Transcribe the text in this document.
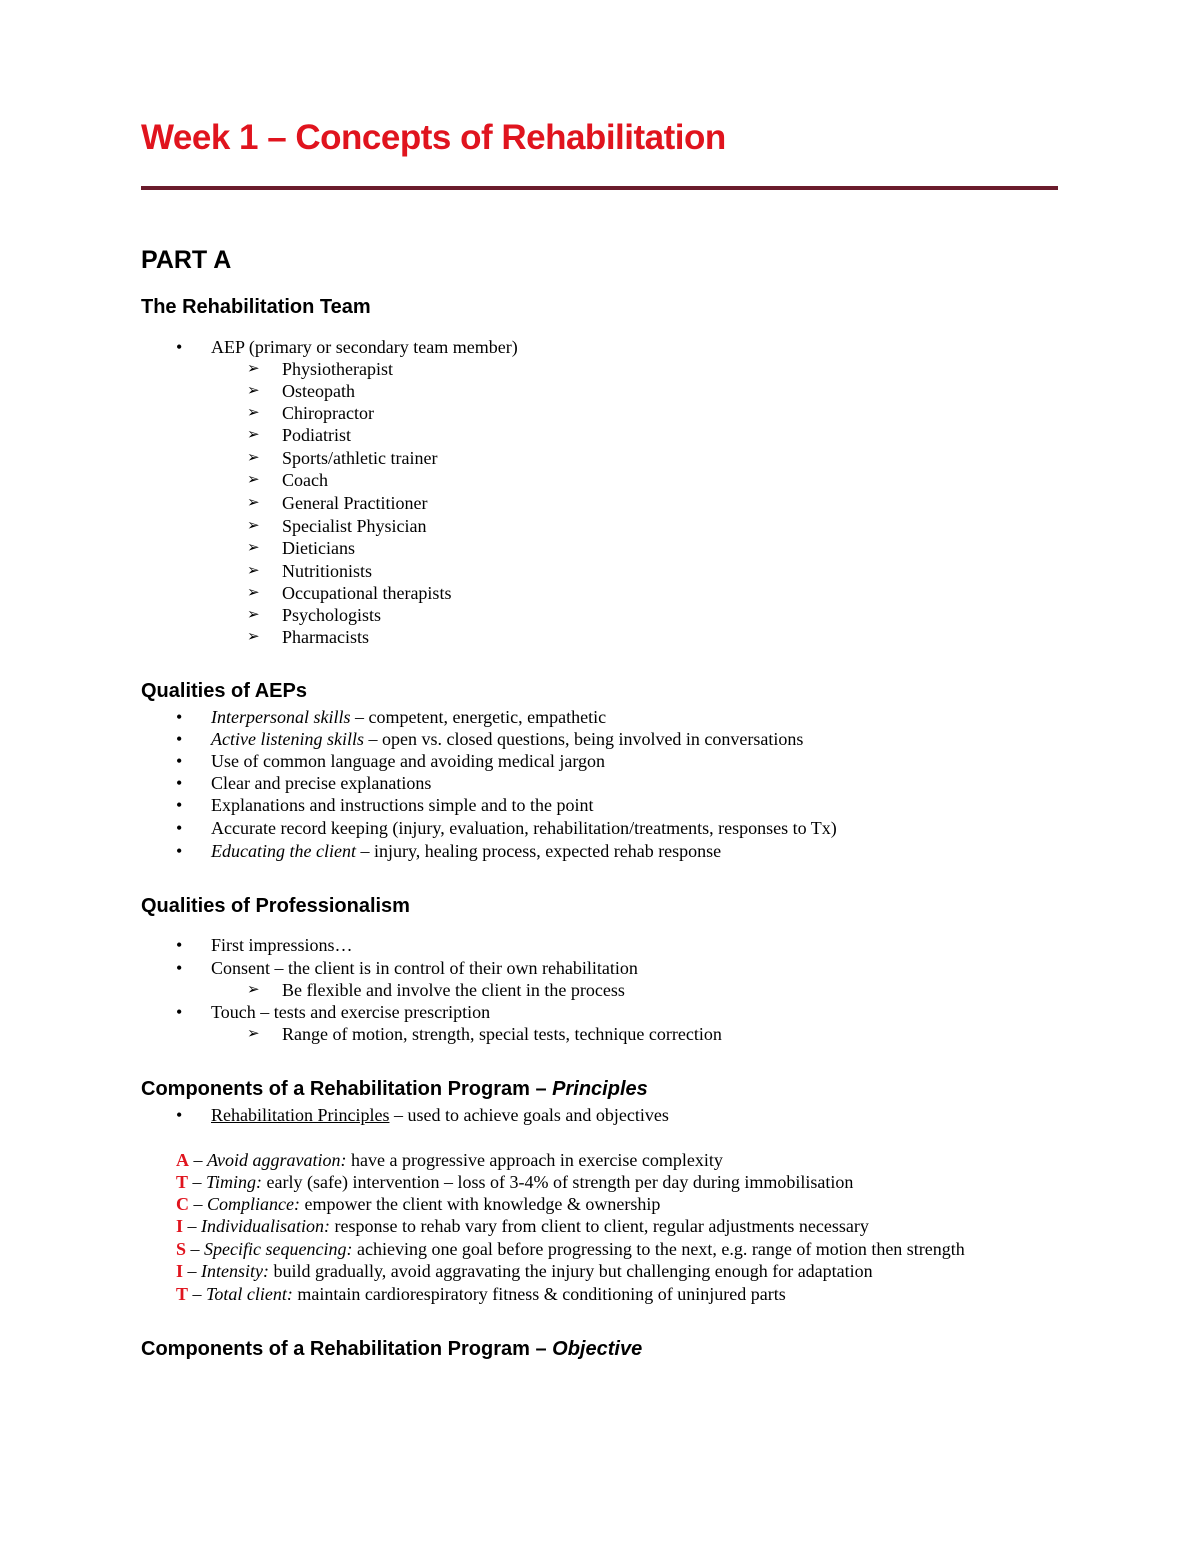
Week 1 – Concepts of Rehabilitation
PART A
The Rehabilitation Team
• AEP (primary or secondary team member)
➢ Physiotherapist
➢ Osteopath
➢ Chiropractor
➢ Podiatrist
➢ Sports/athletic trainer
➢ Coach
➢ General Practitioner
➢ Specialist Physician
➢ Dieticians
➢ Nutritionists
➢ Occupational therapists
➢ Psychologists
➢ Pharmacists
Qualities of AEPs
• Interpersonal skills – competent, energetic, empathetic
• Active listening skills – open vs. closed questions, being involved in conversations
• Use of common language and avoiding medical jargon
• Clear and precise explanations
• Explanations and instructions simple and to the point
• Accurate record keeping (injury, evaluation, rehabilitation/treatments, responses to Tx)
• Educating the client – injury, healing process, expected rehab response
Qualities of Professionalism
• First impressions…
• Consent – the client is in control of their own rehabilitation
➢ Be flexible and involve the client in the process
• Touch – tests and exercise prescription
➢ Range of motion, strength, special tests, technique correction
Components of a Rehabilitation Program – Principles
• Rehabilitation Principles – used to achieve goals and objectives
A – Avoid aggravation: have a progressive approach in exercise complexity
T – Timing: early (safe) intervention – loss of 3-4% of strength per day during immobilisation
C – Compliance: empower the client with knowledge & ownership
I – Individualisation: response to rehab vary from client to client, regular adjustments necessary
S – Specific sequencing: achieving one goal before progressing to the next, e.g. range of motion then strength
I – Intensity: build gradually, avoid aggravating the injury but challenging enough for adaptation
T – Total client: maintain cardiorespiratory fitness & conditioning of uninjured parts
Components of a Rehabilitation Program – Objective
